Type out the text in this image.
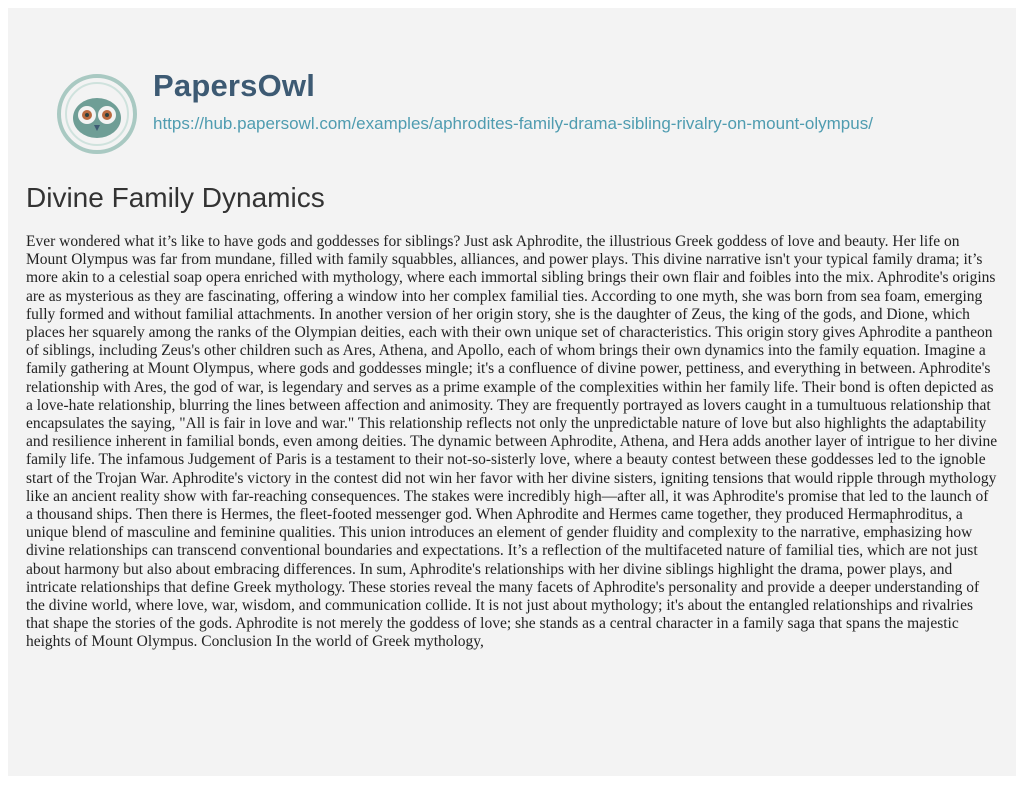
PapersOwl
https://hub.papersowl.com/examples/aphrodites-family-drama-sibling-rivalry-on-mount-olympus/
Divine Family Dynamics

Ever wondered what it’s like to have gods and goddesses for siblings? Just ask Aphrodite, the illustrious Greek goddess of love and beauty. Her life on Mount Olympus was far from mundane, filled with family squabbles, alliances, and power plays. This divine narrative isn't your typical family drama; it’s more akin to a celestial soap opera enriched with mythology, where each immortal sibling brings their own flair and foibles into the mix. Aphrodite's origins are as mysterious as they are fascinating, offering a window into her complex familial ties. According to one myth, she was born from sea foam, emerging fully formed and without familial attachments. In another version of her origin story, she is the daughter of Zeus, the king of the gods, and Dione, which places her squarely among the ranks of the Olympian deities, each with their own unique set of characteristics. This origin story gives Aphrodite a pantheon of siblings, including Zeus's other children such as Ares, Athena, and Apollo, each of whom brings their own dynamics into the family equation. Imagine a family gathering at Mount Olympus, where gods and goddesses mingle; it's a confluence of divine power, pettiness, and everything in between. Aphrodite's relationship with Ares, the god of war, is legendary and serves as a prime example of the complexities within her family life. Their bond is often depicted as a love-hate relationship, blurring the lines between affection and animosity. They are frequently portrayed as lovers caught in a tumultuous relationship that encapsulates the saying, "All is fair in love and war." This relationship reflects not only the unpredictable nature of love but also highlights the adaptability and resilience inherent in familial bonds, even among deities. The dynamic between Aphrodite, Athena, and Hera adds another layer of intrigue to her divine family life. The infamous Judgement of Paris is a testament to their not-so-sisterly love, where a beauty contest between these goddesses led to the ignoble start of the Trojan War. Aphrodite's victory in the contest did not win her favor with her divine sisters, igniting tensions that would ripple through mythology like an ancient reality show with far-reaching consequences. The stakes were incredibly high—after all, it was Aphrodite's promise that led to the launch of a thousand ships. Then there is Hermes, the fleet-footed messenger god. When Aphrodite and Hermes came together, they produced Hermaphroditus, a unique blend of masculine and feminine qualities. This union introduces an element of gender fluidity and complexity to the narrative, emphasizing how divine relationships can transcend conventional boundaries and expectations. It’s a reflection of the multifaceted nature of familial ties, which are not just about harmony but also about embracing differences. In sum, Aphrodite's relationships with her divine siblings highlight the drama, power plays, and intricate relationships that define Greek mythology. These stories reveal the many facets of Aphrodite's personality and provide a deeper understanding of the divine world, where love, war, wisdom, and communication collide. It is not just about mythology; it's about the entangled relationships and rivalries that shape the stories of the gods. Aphrodite is not merely the goddess of love; she stands as a central character in a family saga that spans the majestic heights of Mount Olympus. Conclusion In the world of Greek mythology,
